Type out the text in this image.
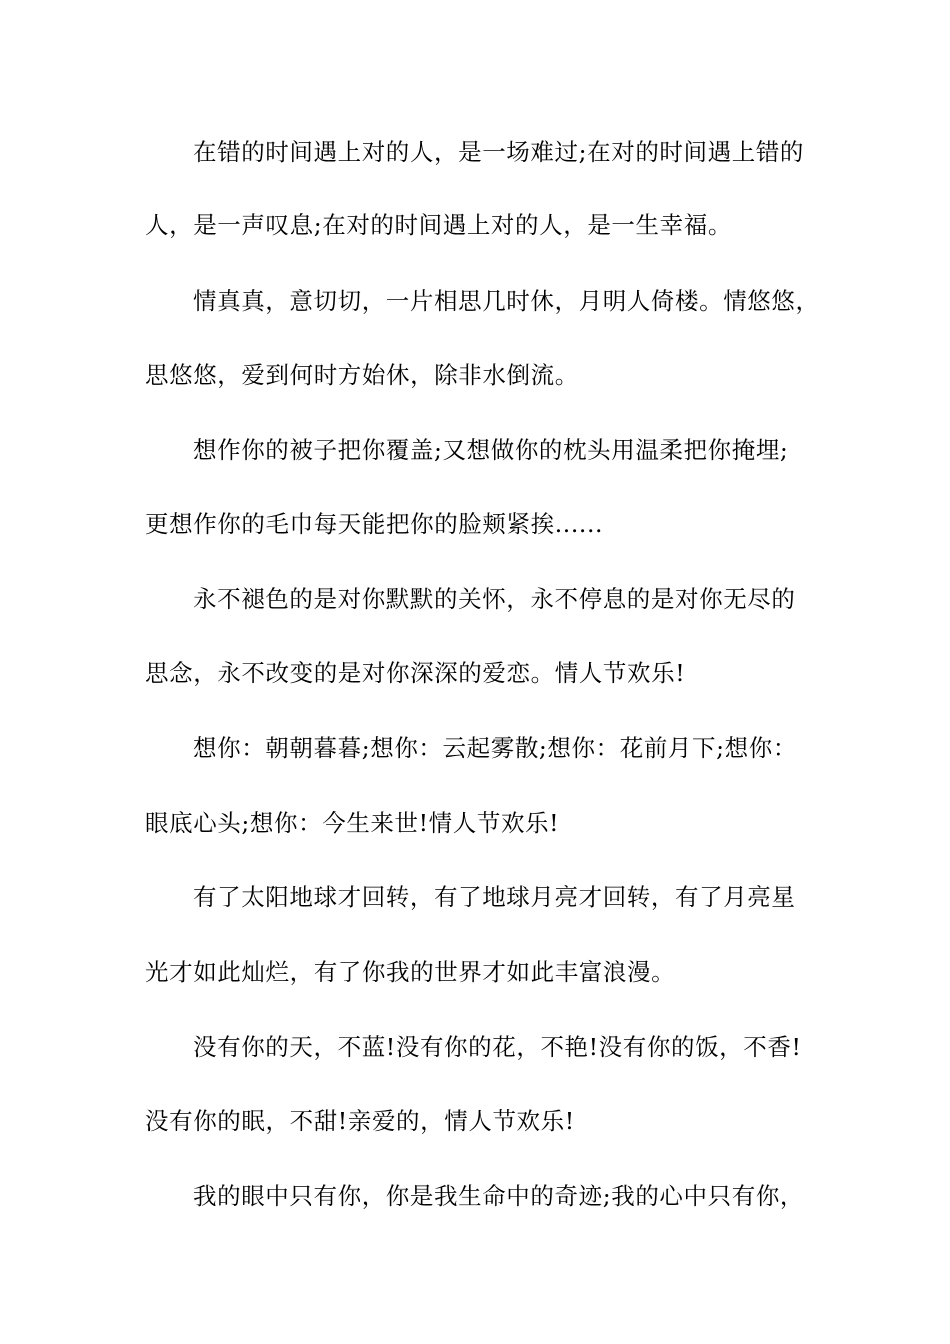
在错的时间遇上对的人，是一场难过;在对的时间遇上错的
人，是一声叹息;在对的时间遇上对的人，是一生幸福。
情真真，意切切，一片相思几时休，月明人倚楼。情悠悠，
思悠悠，爱到何时方始休，除非水倒流。
想作你的被子把你覆盖;又想做你的枕头用温柔把你掩埋;
更想作你的毛巾每天能把你的脸颊紧挨......
永不褪色的是对你默默的关怀，永不停息的是对你无尽的
思念，永不改变的是对你深深的爱恋。情人节欢乐!
想你：朝朝暮暮;想你：云起雾散;想你：花前月下;想你：
眼底心头;想你：今生来世!情人节欢乐!
有了太阳地球才回转，有了地球月亮才回转，有了月亮星
光才如此灿烂，有了你我的世界才如此丰富浪漫。
没有你的天，不蓝!没有你的花，不艳!没有你的饭，不香!
没有你的眠，不甜!亲爱的，情人节欢乐!
我的眼中只有你，你是我生命中的奇迹;我的心中只有你，
